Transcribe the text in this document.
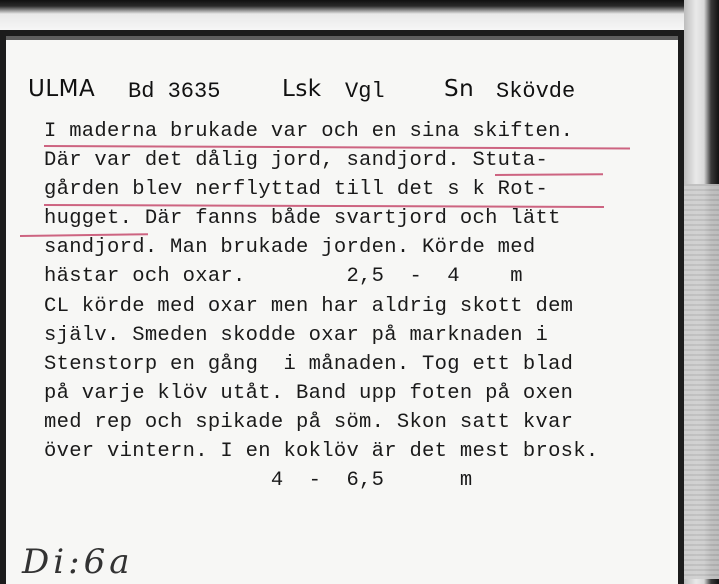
ULMA Bd 3635	Lsk Vgl	Sn Skövde
I maderna brukade var och en sina skiften.
Där var det dålig jord, sandjord. Stuta-
gården blev nerflyttad till det s k Rot-
hugget. Där fanns både svartjord och lätt
sandjord. Man brukade jorden. Körde med
hästar och oxar.        2,5  -  4    m
CL körde med oxar men har aldrig skott dem
själv. Smeden skodde oxar på marknaden i
Stenstorp en gång  i månaden. Tog ett blad
på varje klöv utåt. Band upp foten på oxen
med rep och spikade på söm. Skon satt kvar
över vintern. I en koklöv är det mest brosk.
4  -  6,5      m
Di:6a
